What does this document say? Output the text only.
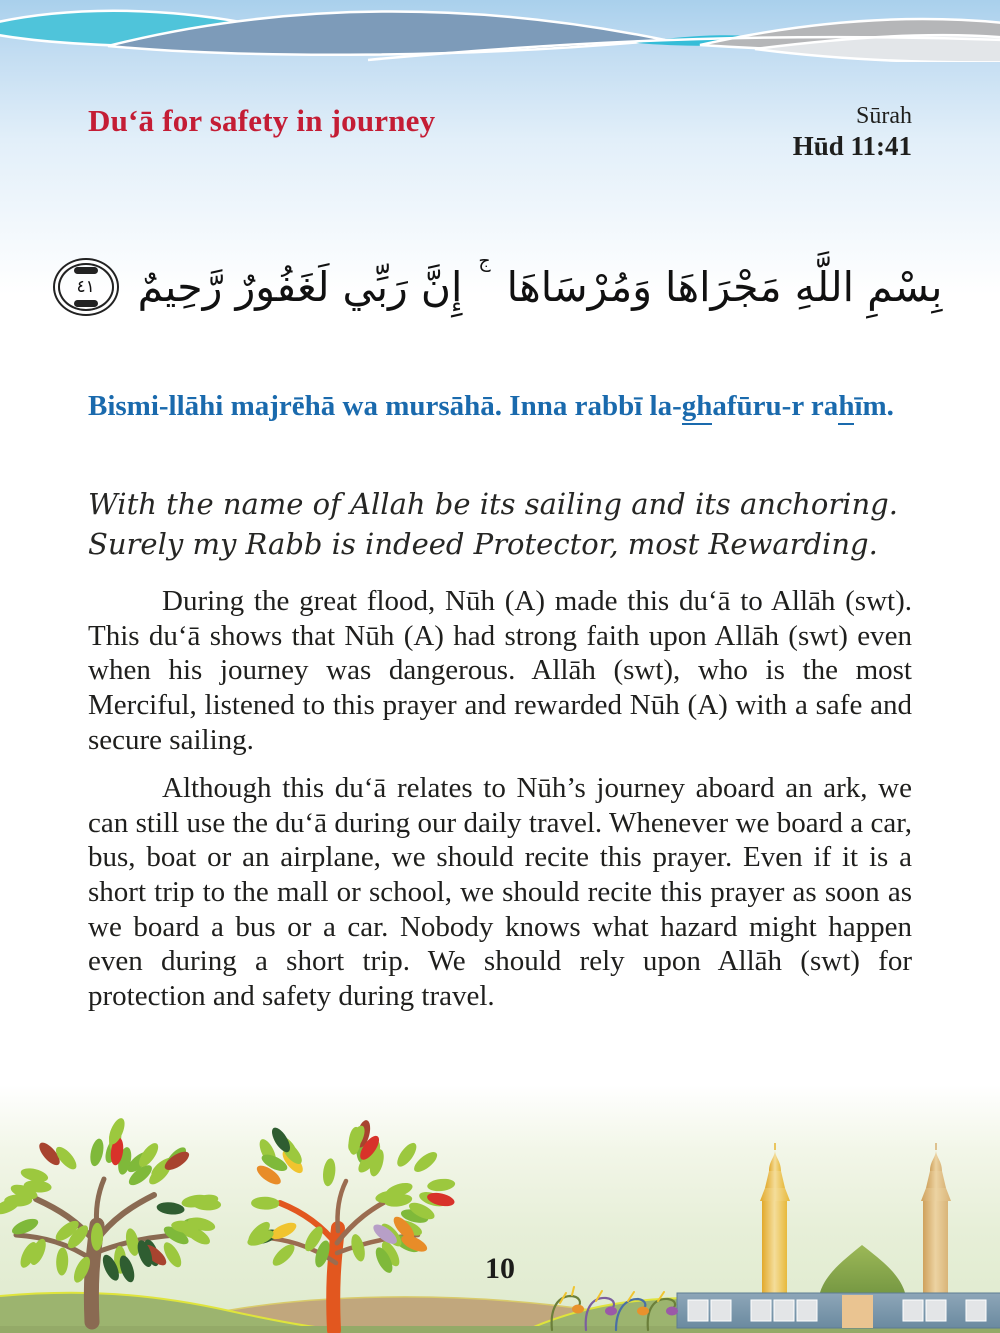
Du‘ā for safety in journey	Sūrah
Hūd 11:41
بِسْمِ اللَّهِ مَجْرَاهَا وَمُرْسَاهَا
ج
إِنَّ رَبِّي لَغَفُورٌ رَّحِيمٌ
٤١
Bismi-llāhi majrēhā wa mursāhā. Inna rabbī la-ghafūru-r rahīm.
With the name of Allah be its sailing and its anchoring. Surely my Rabb is indeed Protector, most Rewarding.

During the great flood, Nūh (A) made this du‘ā to Allāh (swt). This du‘ā shows that Nūh (A) had strong faith upon Allāh (swt) even when his journey was dangerous. Allāh (swt), who is the most Merciful, listened to this prayer and rewarded Nūh (A) with a safe and secure sailing.

Although this du‘ā relates to Nūh’s journey aboard an ark, we can still use the du‘ā during our daily travel. Whenever we board a car, bus, boat or an airplane, we should recite this prayer. Even if it is a short trip to the mall or school, we should recite this prayer as soon as we board a bus or a car. Nobody knows what hazard might happen even during a short trip. We should rely upon Allāh (swt) for protection and safety during travel.

10
